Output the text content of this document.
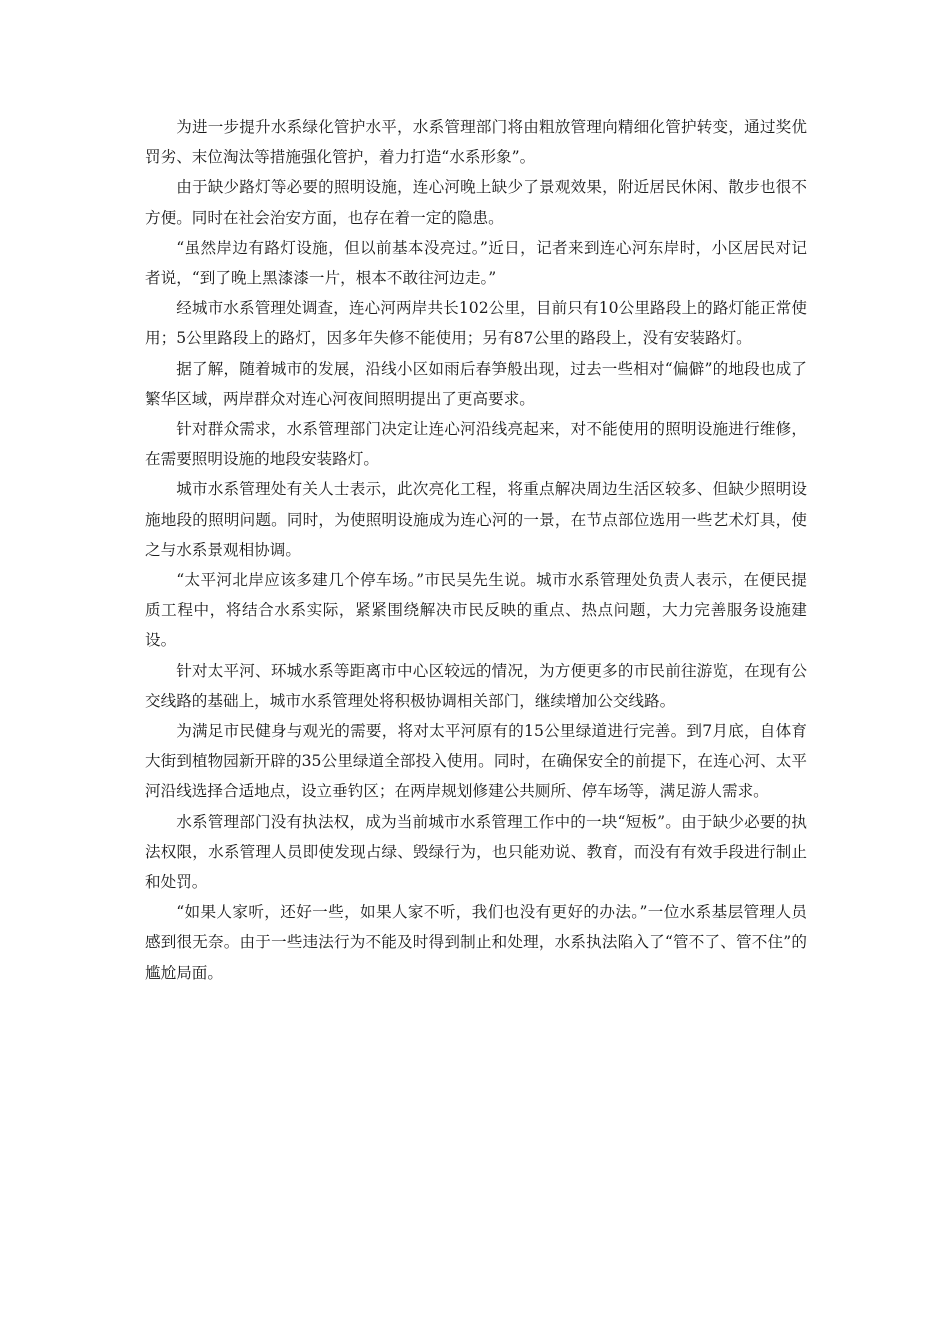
为进一步提升水系绿化管护水平，水系管理部门将由粗放管理向精细化管护转变，通过奖优罚劣、末位淘汰等措施强化管护，着力打造“水系形象”。

由于缺少路灯等必要的照明设施，连心河晚上缺少了景观效果，附近居民休闲、散步也很不方便。同时在社会治安方面，也存在着一定的隐患。

“虽然岸边有路灯设施，但以前基本没亮过。”近日，记者来到连心河东岸时，小区居民对记者说，“到了晚上黑漆漆一片，根本不敢往河边走。”

经城市水系管理处调查，连心河两岸共长102公里，目前只有10公里路段上的路灯能正常使用；5公里路段上的路灯，因多年失修不能使用；另有87公里的路段上，没有安装路灯。

据了解，随着城市的发展，沿线小区如雨后春笋般出现，过去一些相对“偏僻”的地段也成了繁华区域，两岸群众对连心河夜间照明提出了更高要求。

针对群众需求，水系管理部门决定让连心河沿线亮起来，对不能使用的照明设施进行维修，在需要照明设施的地段安装路灯。

城市水系管理处有关人士表示，此次亮化工程，将重点解决周边生活区较多、但缺少照明设施地段的照明问题。同时，为使照明设施成为连心河的一景，在节点部位选用一些艺术灯具，使之与水系景观相协调。

“太平河北岸应该多建几个停车场。”市民吴先生说。城市水系管理处负责人表示，在便民提质工程中，将结合水系实际，紧紧围绕解决市民反映的重点、热点问题，大力完善服务设施建设。

针对太平河、环城水系等距离市中心区较远的情况，为方便更多的市民前往游览，在现有公交线路的基础上，城市水系管理处将积极协调相关部门，继续增加公交线路。

为满足市民健身与观光的需要，将对太平河原有的15公里绿道进行完善。到7月底，自体育大街到植物园新开辟的35公里绿道全部投入使用。同时，在确保安全的前提下，在连心河、太平河沿线选择合适地点，设立垂钓区；在两岸规划修建公共厕所、停车场等，满足游人需求。

水系管理部门没有执法权，成为当前城市水系管理工作中的一块“短板”。由于缺少必要的执法权限，水系管理人员即使发现占绿、毁绿行为，也只能劝说、教育，而没有有效手段进行制止和处罚。

“如果人家听，还好一些，如果人家不听，我们也没有更好的办法。”一位水系基层管理人员感到很无奈。由于一些违法行为不能及时得到制止和处理，水系执法陷入了“管不了、管不住”的尴尬局面。
